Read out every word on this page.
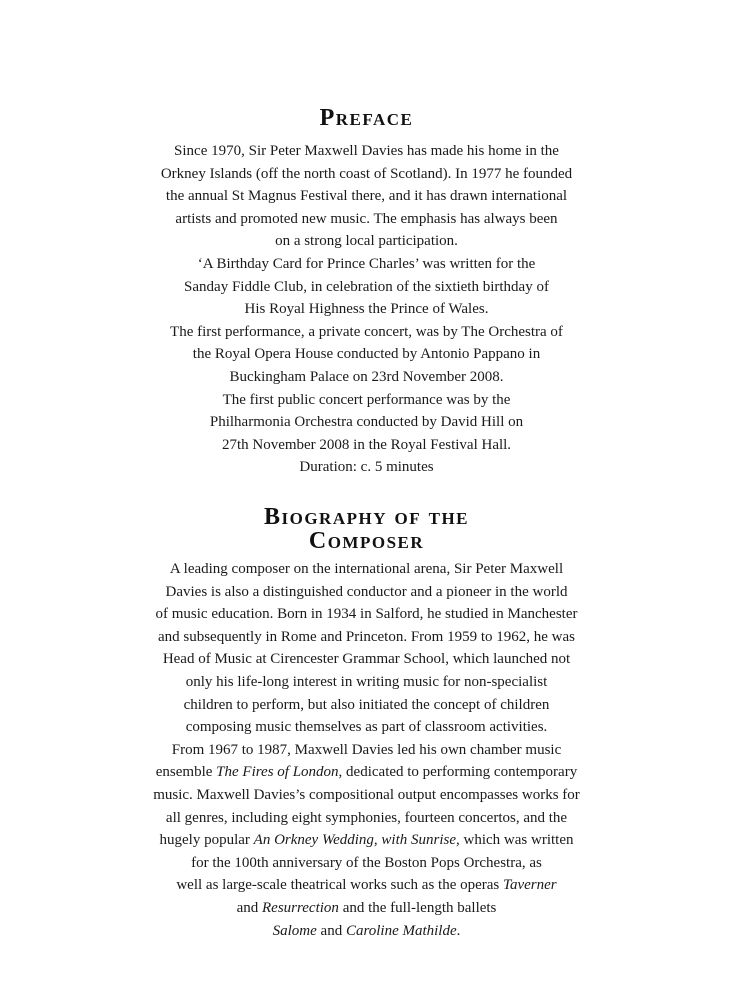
Preface
Since 1970, Sir Peter Maxwell Davies has made his home in the
Orkney Islands (off the north coast of Scotland). In 1977 he founded
the annual St Magnus Festival there, and it has drawn international
artists and promoted new music. The emphasis has always been
on a strong local participation.
‘A Birthday Card for Prince Charles’ was written for the
Sanday Fiddle Club, in celebration of the sixtieth birthday of
His Royal Highness the Prince of Wales.
The first performance, a private concert, was by The Orchestra of
the Royal Opera House conducted by Antonio Pappano in
Buckingham Palace on 23rd November 2008.
The first public concert performance was by the
Philharmonia Orchestra conducted by David Hill on
27th November 2008 in the Royal Festival Hall.
Duration: c. 5 minutes
Biography of the
Composer
A leading composer on the international arena, Sir Peter Maxwell
Davies is also a distinguished conductor and a pioneer in the world
of music education. Born in 1934 in Salford, he studied in Manchester
and subsequently in Rome and Princeton. From 1959 to 1962, he was
Head of Music at Cirencester Grammar School, which launched not
only his life-long interest in writing music for non-specialist
children to perform, but also initiated the concept of children
composing music themselves as part of classroom activities.
From 1967 to 1987, Maxwell Davies led his own chamber music
ensemble The Fires of London, dedicated to performing contemporary
music. Maxwell Davies’s compositional output encompasses works for
all genres, including eight symphonies, fourteen concertos, and the
hugely popular An Orkney Wedding, with Sunrise, which was written
for the 100th anniversary of the Boston Pops Orchestra, as
well as large-scale theatrical works such as the operas Taverner
and Resurrection and the full-length ballets
Salome and Caroline Mathilde.
